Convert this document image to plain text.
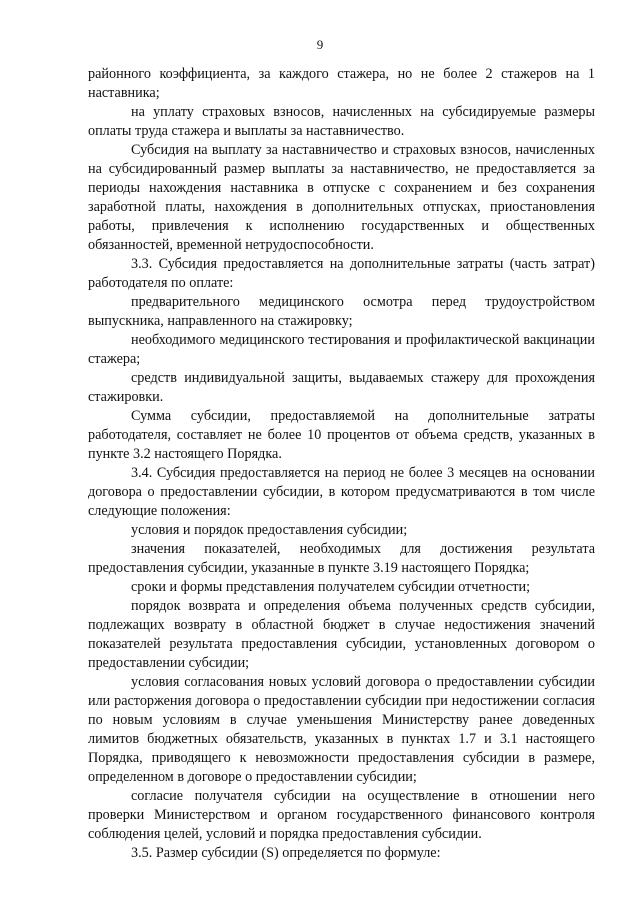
9

районного коэффициента, за каждого стажера, но не более 2 стажеров на 1 наставника;

на уплату страховых взносов, начисленных на субсидируемые размеры оплаты труда стажера и выплаты за наставничество.

Субсидия на выплату за наставничество и страховых взносов, начисленных на субсидированный размер выплаты за наставничество, не предоставляется за периоды нахождения наставника в отпуске с сохранением и без сохранения заработной платы, нахождения в дополнительных отпусках, приостановления работы, привлечения к исполнению государственных и общественных обязанностей, временной нетрудоспособности.

3.3. Субсидия предоставляется на дополнительные затраты (часть затрат) работодателя по оплате:

предварительного медицинского осмотра перед трудоустройством выпускника, направленного на стажировку;

необходимого медицинского тестирования и профилактической вакцинации стажера;

средств индивидуальной защиты, выдаваемых стажеру для прохождения стажировки.

Сумма субсидии, предоставляемой на дополнительные затраты работодателя, составляет не более 10 процентов от объема средств, указанных в пункте 3.2 настоящего Порядка.

3.4. Субсидия предоставляется на период не более 3 месяцев на основании договора о предоставлении субсидии, в котором предусматриваются в том числе следующие положения:

условия и порядок предоставления субсидии;

значения показателей, необходимых для достижения результата предоставления субсидии, указанные в пункте 3.19 настоящего Порядка;

сроки и формы представления получателем субсидии отчетности;

порядок возврата и определения объема полученных средств субсидии, подлежащих возврату в областной бюджет в случае недостижения значений показателей результата предоставления субсидии, установленных договором о предоставлении субсидии;

условия согласования новых условий договора о предоставлении субсидии или расторжения договора о предоставлении субсидии при недостижении согласия по новым условиям в случае уменьшения Министерству ранее доведенных лимитов бюджетных обязательств, указанных в пунктах 1.7 и 3.1 настоящего Порядка, приводящего к невозможности предоставления субсидии в размере, определенном в договоре о предоставлении субсидии;

согласие получателя субсидии на осуществление в отношении него проверки Министерством и органом государственного финансового контроля соблюдения целей, условий и порядка предоставления субсидии.

3.5. Размер субсидии (S) определяется по формуле:
